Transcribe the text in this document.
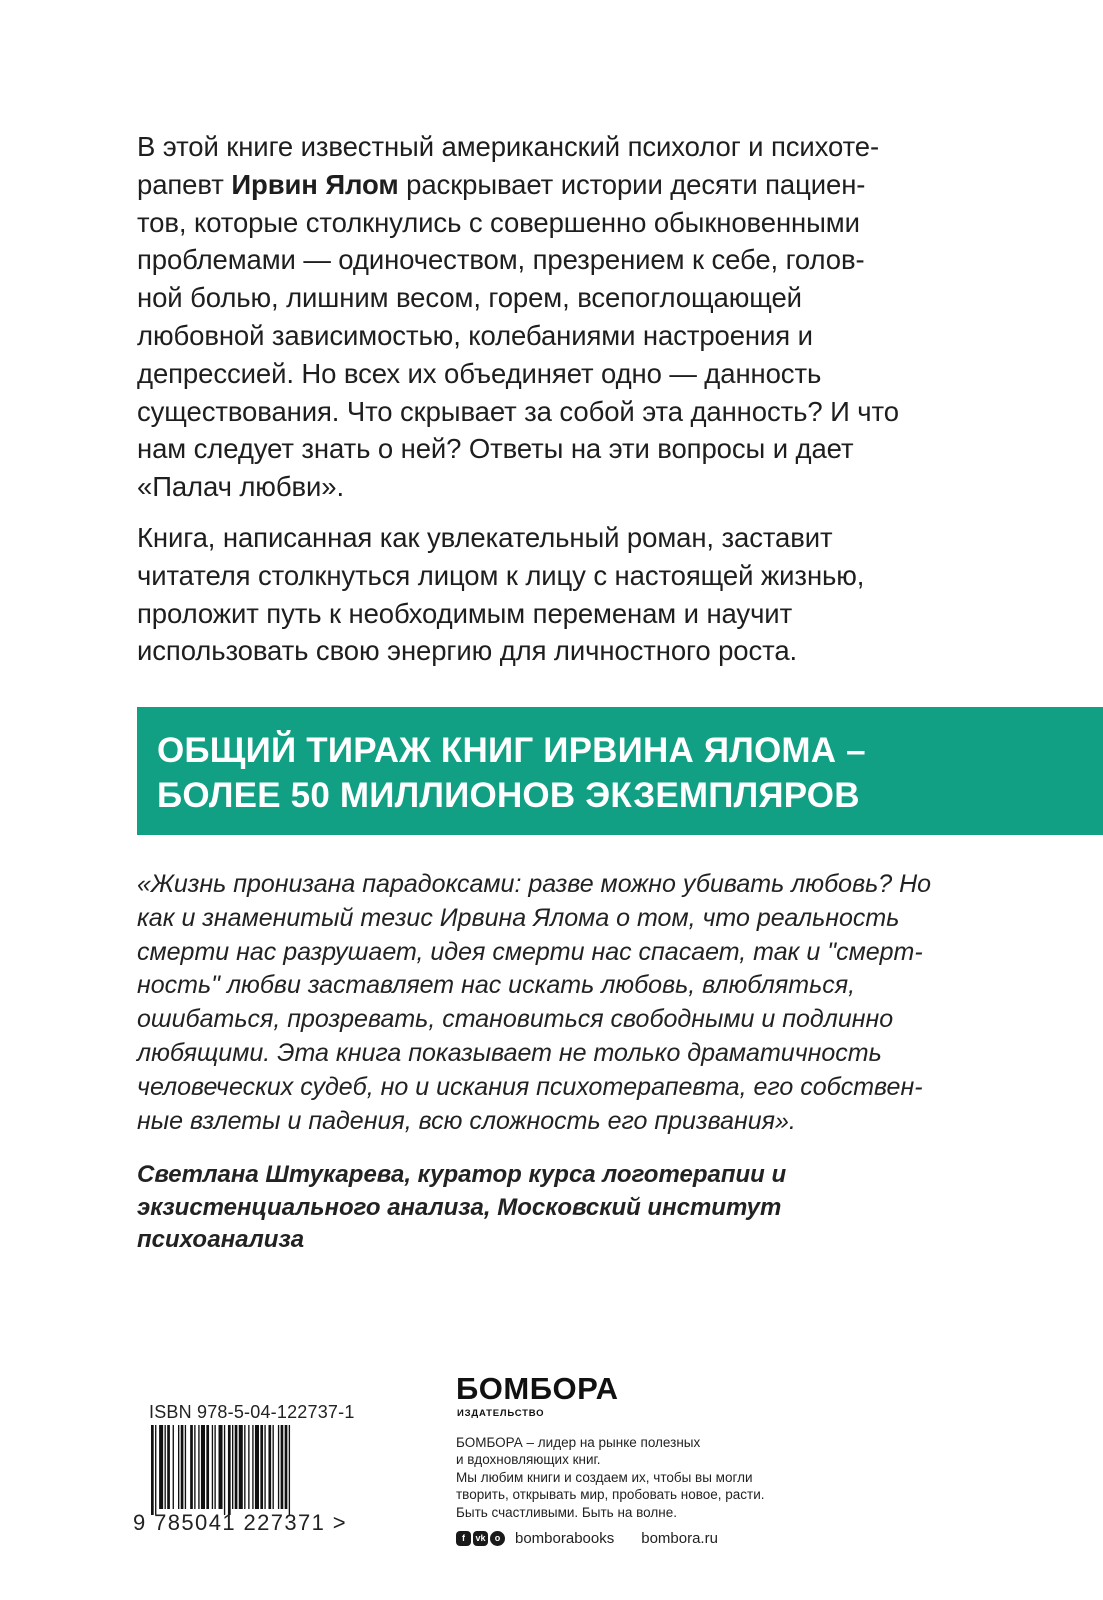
В этой книге известный американский психолог и психоте-
рапевт Ирвин Ялом раскрывает истории десяти пациен-
тов, которые столкнулись с совершенно обыкновенными
проблемами — одиночеством, презрением к себе, голов-
ной болью, лишним весом, горем, всепоглощающей
любовной зависимостью, колебаниями настроения и
депрессией. Но всех их объединяет одно — данность
существования. Что скрывает за собой эта данность? И что
нам следует знать о ней? Ответы на эти вопросы и дает
«Палач любви».

Книга, написанная как увлекательный роман, заставит
читателя столкнуться лицом к лицу с настоящей жизнью,
проложит путь к необходимым переменам и научит
использовать свою энергию для личностного роста.

ОБЩИЙ ТИРАЖ КНИГ ИРВИНА ЯЛОМА –
БОЛЕЕ 50 МИЛЛИОНОВ ЭКЗЕМПЛЯРОВ
«Жизнь пронизана парадоксами: разве можно убивать любовь? Но
как и знаменитый тезис Ирвина Ялома о том, что реальность
смерти нас разрушает, идея смерти нас спасает, так и "смерт-
ность" любви заставляет нас искать любовь, влюбляться,
ошибаться, прозревать, становиться свободными и подлинно
любящими. Эта книга показывает не только драматичность
человеческих судеб, но и искания психотерапевта, его собствен-
ные взлеты и падения, всю сложность его призвания».
Светлана Штукарева, куратор курса логотерапии и
экзистенциального анализа, Московский институт
психоанализа
ISBN 978-5-04-122737-1
9 785041 227371 >
БОМБОРА
ИЗДАТЕЛЬСТВО
БОМБОРА – лидер на рынке полезных
и вдохновляющих книг.
Мы любим книги и создаем их, чтобы вы могли
творить, открывать мир, пробовать новое, расти.
Быть счастливыми. Быть на волне.
f	vk	o bomborabooks bombora.ru
